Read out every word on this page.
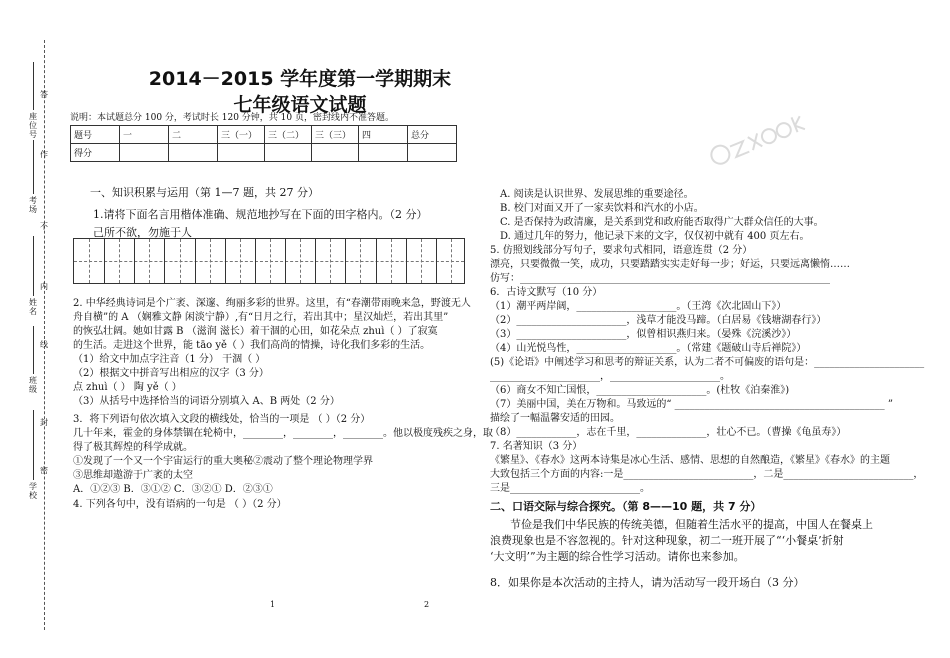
答
作
不
内
线
封
密
座位号
考场
姓名
班级
学校
2014－2015 学年度第一学期期末
七年级语文试题
说明：本试题总分 100 分，考试时长 120 分钟，共 10 页，密封线内不准答题。
题号	一	二	三（一）	三（二）	三（三）	四	总分
得分							
一、知识积累与运用（第 1—7 题，共 27 分）
1.请将下面名言用楷体准确、规范地抄写在下面的田字格内。（2 分）
己所不欲，勿施于人
2. 中华经典诗词是个广袤、深邃、绚丽多彩的世界。这里，有“春潮带雨晚来急，野渡无人
舟自横”的 A （娴雅文静 闲淡宁静）,有“日月之行，若出其中；星汉灿烂，若出其里”
的恢弘壮阔。她如甘露 B （滋润 滋长）着干涸的心田，如花朵点 zhuì（ ）了寂寞
的生活。走进这个世界，能 tāo yě（ ）我们高尚的情操，诗化我们多彩的生活。
（1）给文中加点字注音（1 分） 干涸（ ）
（2）根据文中拼音写出相应的汉字（3 分）
点 zhuì（ ） 陶 yě（ ）
（3）从括号中选择恰当的词语分别填入 A、B 两处（2 分）
3．将下列语句依次填入文段的横线处，恰当的一项是 （ ）（2 分）
几十年来，霍金的身体禁锢在轮椅中，________，________，________。他以极度残疾之身，取
得了极其辉煌的科学成就。
①发现了一个又一个宇宙运行的重大奥秘②震动了整个理论物理学界
③思维却遨游于广袤的太空
A．①②③ B．③①② C．③②① D．②③①
4. 下列各句中，没有语病的一句是 （ ）（2 分）
1
A. 阅读是认识世界、发展思维的重要途径。
B. 校门对面又开了一家卖饮料和汽水的小店。
C. 是否保持为政清廉，是关系到党和政府能否取得广大群众信任的大事。
D. 通过几年的努力，他记录下来的文字，仅仅初中就有 400 页左右。
5. 仿照划线部分写句子，要求句式相同，语意连贯（2 分）
漂亮，只要微微一笑，成功，只要踏踏实实走好每一步；好运，只要远离懒惰……
仿写：______________________________________________________________
6．古诗文默写（10 分）
（1）潮平两岸阔，____________________。（王湾《次北固山下》）
（2）______________________，浅草才能没马蹄。（白居易《钱塘湖春行》）
（3）______________________，似曾相识燕归来。（晏殊《浣溪沙》）
（4）山光悦鸟性，____________________。（常建《题破山寺后禅院》）
(5)《论语》中阐述学习和思考的辩证关系，认为二者不可偏废的语句是：______________________
______________________，______________________。
（6）商女不知亡国恨，______________________。(杜牧《泊秦淮》)
（7）美丽中国，美在万物和。马致远的“ __________________________________________ ”
描绘了一幅温馨安适的田园。
（8）____________，志在千里，______________，壮心不已。（曹操《龟虽寿》）
7. 名著知识（3 分）
《繁星》、《春水》这两本诗集是冰心生活、感情、思想的自然酿造，《繁星》《春水》的主题
大致包括三个方面的内容:一是__________________________，二是__________________________，
三是__________________________。
二、口语交际与综合探究。（第 8——10 题，共 7 分）
节俭是我们中华民族的传统美德，但随着生活水平的提高，中国人在餐桌上
浪费现象也是不容忽视的。针对这种现象，初二一班开展了“‘小餐桌’折射
‘大文明’”为主题的综合性学习活动。请你也来参加。
8．如果你是本次活动的主持人，请为活动写一段开场白（3 分）
2
